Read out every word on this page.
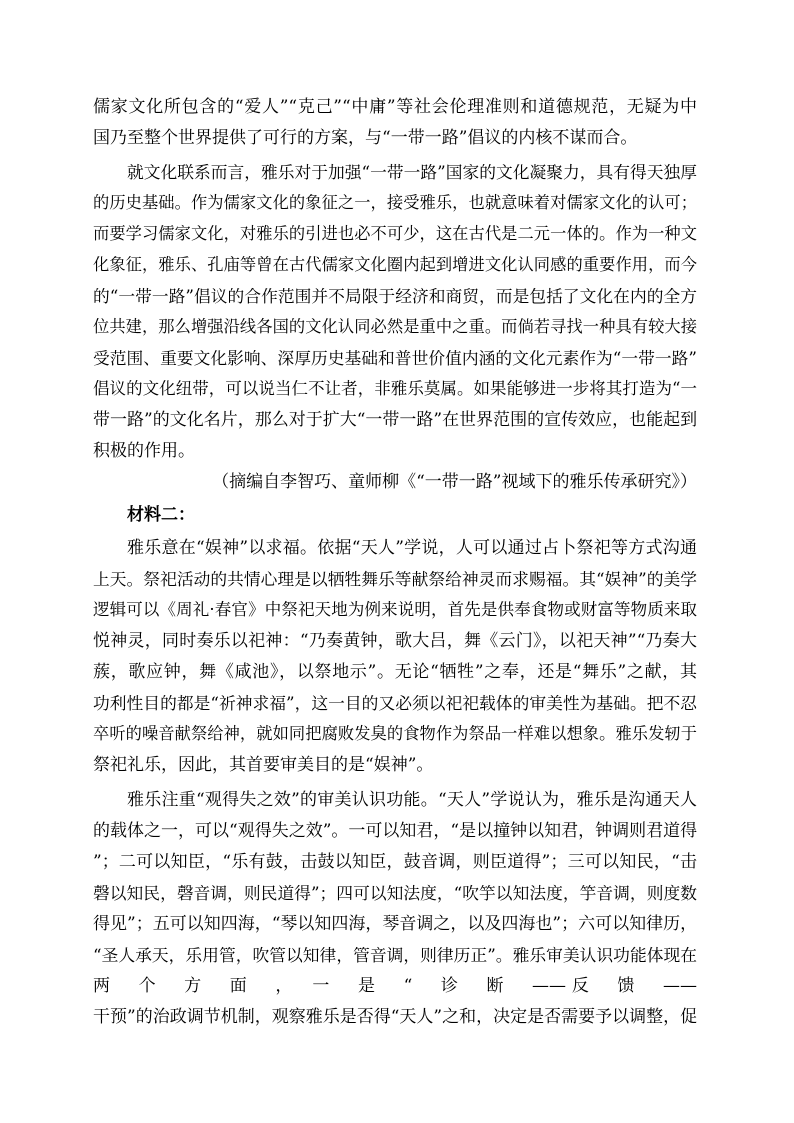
儒家文化所包含的“爱人”“克己”“中庸”等社会伦理准则和道德规范，无疑为中
国乃至整个世界提供了可行的方案，与“一带一路”倡议的内核不谋而合。
就文化联系而言，雅乐对于加强“一带一路”国家的文化凝聚力，具有得天独厚
的历史基础。作为儒家文化的象征之一，接受雅乐，也就意味着对儒家文化的认可；
而要学习儒家文化，对雅乐的引进也必不可少，这在古代是二元一体的。作为一种文
化象征，雅乐、孔庙等曾在古代儒家文化圈内起到增进文化认同感的重要作用，而今
的“一带一路”倡议的合作范围并不局限于经济和商贸，而是包括了文化在内的全方
位共建，那么增强沿线各国的文化认同必然是重中之重。而倘若寻找一种具有较大接
受范围、重要文化影响、深厚历史基础和普世价值内涵的文化元素作为“一带一路”
倡议的文化纽带，可以说当仁不让者，非雅乐莫属。如果能够进一步将其打造为“一
带一路”的文化名片，那么对于扩大“一带一路”在世界范围的宣传效应，也能起到
积极的作用。
（摘编自李智巧、童师柳《“一带一路”视域下的雅乐传承研究》）
材料二：
雅乐意在“娱神”以求福。依据“天人”学说，人可以通过占卜祭祀等方式沟通
上天。祭祀活动的共情心理是以牺牲舞乐等献祭给神灵而求赐福。其“娱神”的美学
逻辑可以《周礼·春官》中祭祀天地为例来说明，首先是供奉食物或财富等物质来取
悦神灵，同时奏乐以祀神：“乃奏黄钟，歌大吕，舞《云门》，以祀天神”“乃奏大
蔟，歌应钟，舞《咸池》，以祭地示”。无论“牺牲”之奉，还是“舞乐”之献，其
功利性目的都是“祈神求福”，这一目的又必须以祀祀载体的审美性为基础。把不忍
卒听的噪音献祭给神，就如同把腐败发臭的食物作为祭品一样难以想象。雅乐发轫于
祭祀礼乐，因此，其首要审美目的是“娱神”。
雅乐注重“观得失之效”的审美认识功能。“天人”学说认为，雅乐是沟通天人
的载体之一，可以“观得失之效”。一可以知君，“是以撞钟以知君，钟调则君道得
”；二可以知臣，“乐有鼓，击鼓以知臣，鼓音调，则臣道得”；三可以知民，“击
磬以知民，磬音调，则民道得”；四可以知法度，“吹竽以知法度，竽音调，则度数
得见”；五可以知四海，“琴以知四海，琴音调之，以及四海也”；六可以知律历，
“圣人承天，乐用管，吹管以知律，管音调，则律历正”。雅乐审美认识功能体现在
两　个　方　面　，　一　是　“　诊　断　——反　馈　——
干预”的治政调节机制，观察雅乐是否得“天人”之和，决定是否需要予以调整，促
